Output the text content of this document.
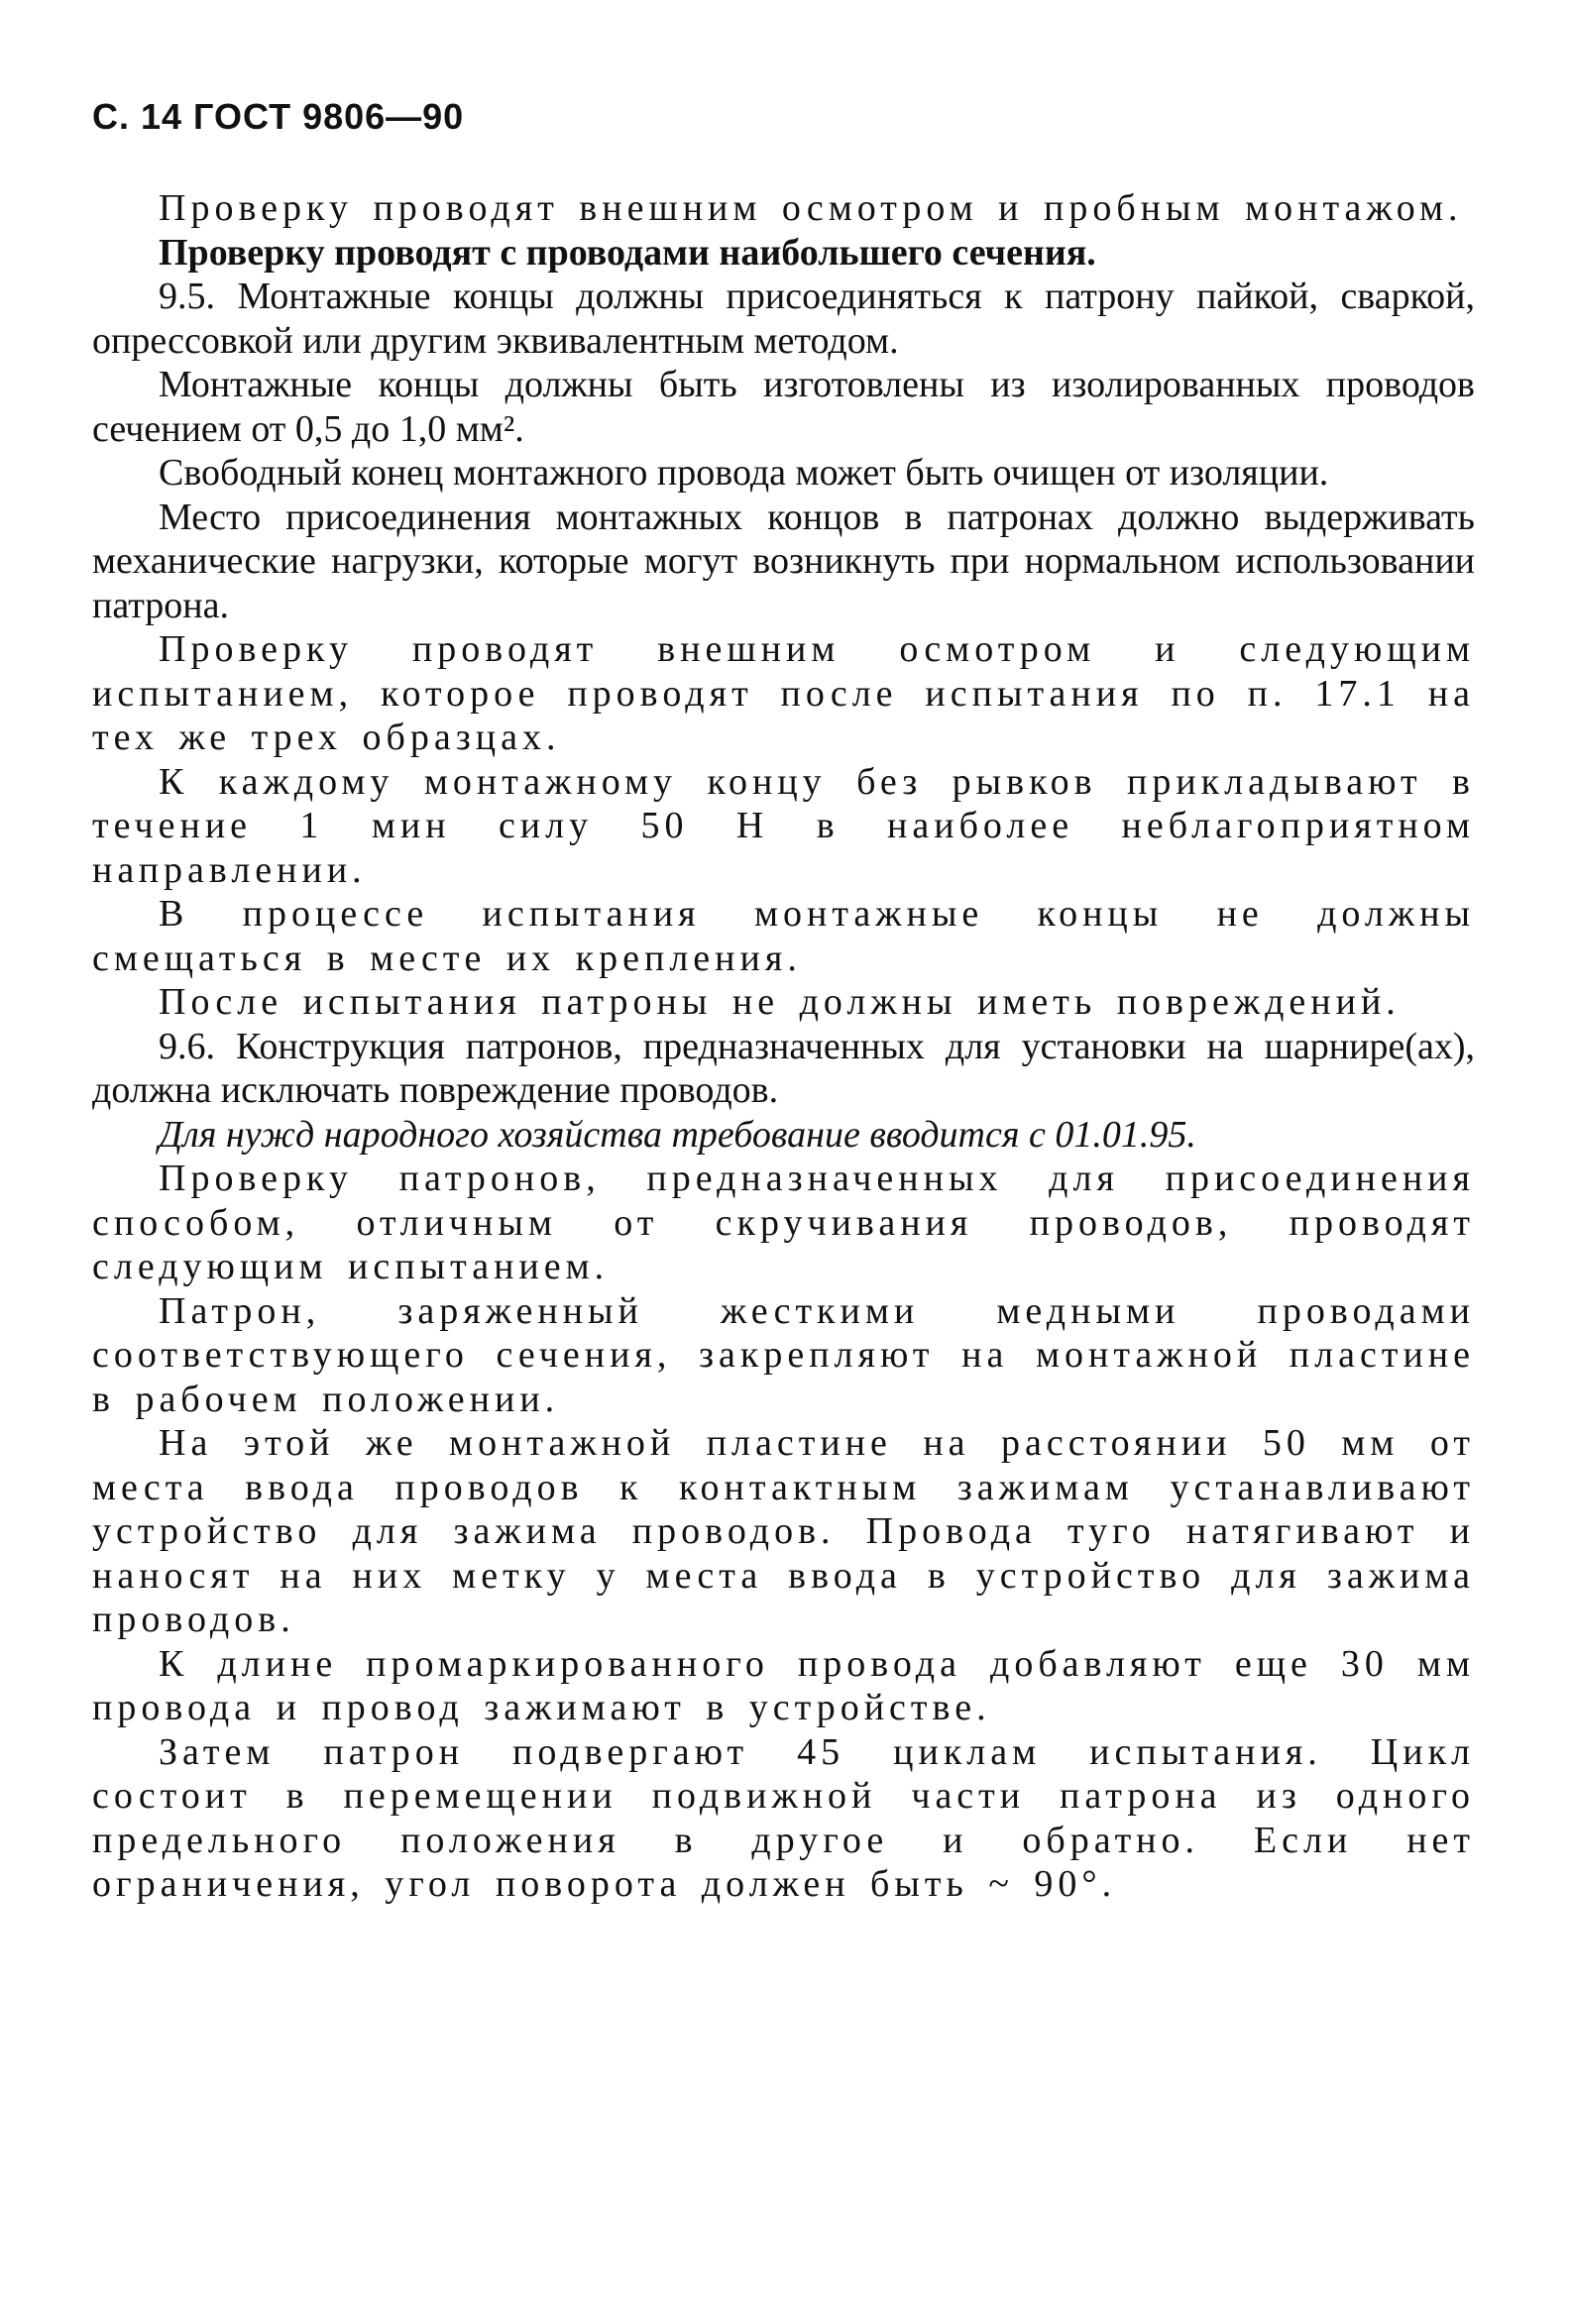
С. 14 ГОСТ 9806—90

Проверку проводят внешним осмотром и пробным монтажом.

Проверку проводят с проводами наибольшего сечения.

9.5. Монтажные концы должны присоединяться к патрону пайкой, сваркой, опрессовкой или другим эквивалентным методом.

Монтажные концы должны быть изготовлены из изолированных проводов сечением от 0,5 до 1,0 мм².

Свободный конец монтажного провода может быть очищен от изоляции.

Место присоединения монтажных концов в патронах должно выдерживать механические нагрузки, которые могут возникнуть при нормальном использовании патрона.

Проверку проводят внешним осмотром и следующим испытанием, которое проводят после испытания по п. 17.1 на тех же трех образцах.

К каждому монтажному концу без рывков прикладывают в течение 1 мин силу 50 Н в наиболее неблагоприятном направлении.

В процессе испытания монтажные концы не должны смещаться в месте их крепления.

После испытания патроны не должны иметь повреждений.

9.6. Конструкция патронов, предназначенных для установки на шарнире(ах), должна исключать повреждение проводов.

Для нужд народного хозяйства требование вводится с 01.01.95.

Проверку патронов, предназначенных для присоединения способом, отличным от скручивания проводов, проводят следующим испытанием.

Патрон, заряженный жесткими медными проводами соответствующего сечения, закрепляют на монтажной пластине в рабочем положении.

На этой же монтажной пластине на расстоянии 50 мм от места ввода проводов к контактным зажимам устанавливают устройство для зажима проводов. Провода туго натягивают и наносят на них метку у места ввода в устройство для зажима проводов.

К длине промаркированного провода добавляют еще 30 мм провода и провод зажимают в устройстве.

Затем патрон подвергают 45 циклам испытания. Цикл состоит в перемещении подвижной части патрона из одного предельного положения в другое и обратно. Если нет ограничения, угол поворота должен быть ~ 90°.
